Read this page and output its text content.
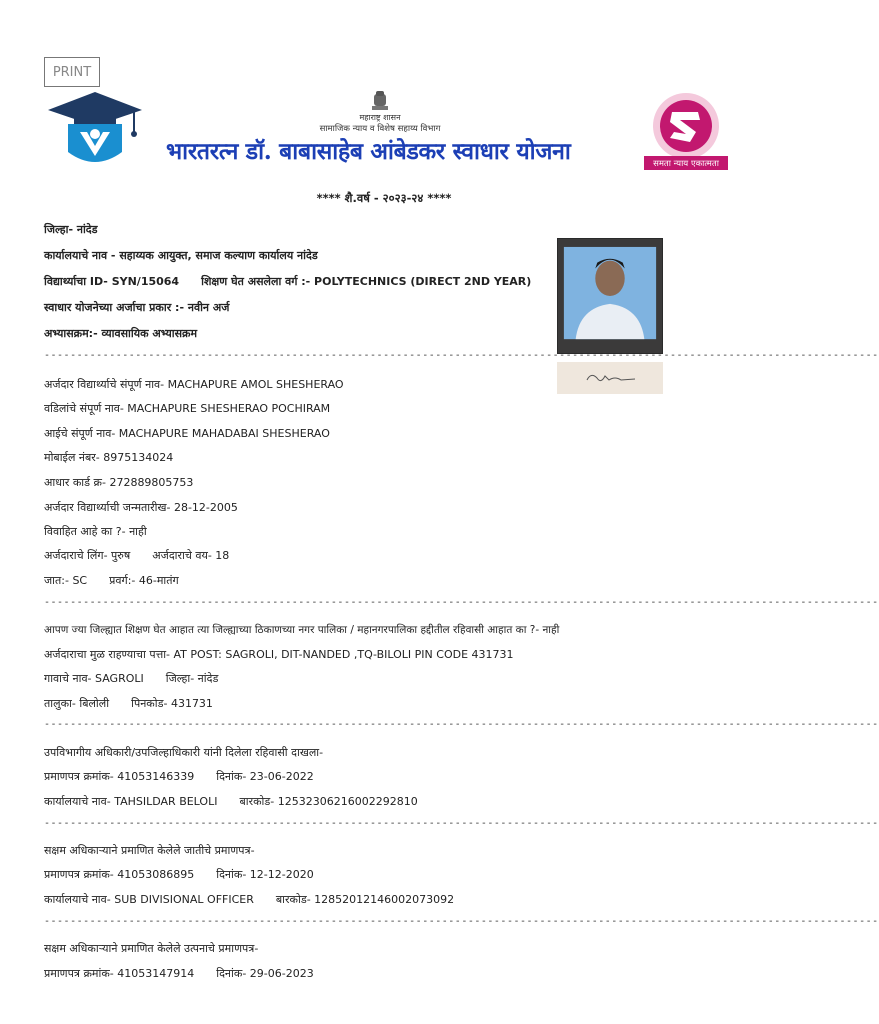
PRINT
महाराष्ट्र शासन
सामाजिक न्याय व विशेष सहाय्य विभाग
भारतरत्न डॉ. बाबासाहेब आंबेडकर स्वाधार योजना	समता न्याय एकात्मता
**** शै.वर्ष - २०२३-२४ ****
जिल्हा- नांदेड
कार्यालयाचे नाव - सहाय्यक आयुक्त, समाज कल्याण कार्यालय नांदेड
विद्यार्थ्याचा ID- SYN/15064 शिक्षण घेत असलेला वर्ग :- POLYTECHNICS (DIRECT 2ND YEAR)
स्वाधार योजनेच्या अर्जाचा प्रकार :- नवीन अर्ज
अभ्यासक्रम:- व्यावसायिक अभ्यासक्रम
--------------------------------------------------------------------------------------------------------------------------------
अर्जदार विद्यार्थ्याचे संपूर्ण नाव- MACHAPURE AMOL SHESHERAO
वडिलांचे संपूर्ण नाव- MACHAPURE SHESHERAO POCHIRAM
आईचे संपूर्ण नाव- MACHAPURE MAHADABAI SHESHERAO
मोबाईल नंबर- 8975134024
आधार कार्ड क्र- 272889805753
अर्जदार विद्यार्थ्याची जन्मतारीख- 28-12-2005
विवाहित आहे का ?- नाही
अर्जदाराचे लिंग- पुरुष अर्जदाराचे वय- 18
जात:- SC प्रवर्ग:- 46-मातंग
--------------------------------------------------------------------------------------------------------------------------------
आपण ज्या जिल्ह्यात शिक्षण घेत आहात त्या जिल्ह्याच्या ठिकाणच्या नगर पालिका / महानगरपालिका हद्दीतील रहिवासी आहात का ?- नाही
अर्जदाराचा मुळ राहण्याचा पत्ता- AT POST: SAGROLI, DIT-NANDED ,TQ-BILOLI PIN CODE 431731
गावाचे नाव- SAGROLI जिल्हा- नांदेड
तालुका- बिलोली पिनकोड- 431731
--------------------------------------------------------------------------------------------------------------------------------
उपविभागीय अधिकारी/उपजिल्हाधिकारी यांनी दिलेला रहिवासी दाखला-
प्रमाणपत्र क्रमांक- 41053146339 दिनांक- 23-06-2022
कार्यालयाचे नाव- TAHSILDAR BELOLI बारकोड- 12532306216002292810
--------------------------------------------------------------------------------------------------------------------------------
सक्षम अधिकाऱ्याने प्रमाणित केलेले जातीचे प्रमाणपत्र-
प्रमाणपत्र क्रमांक- 41053086895 दिनांक- 12-12-2020
कार्यालयाचे नाव- SUB DIVISIONAL OFFICER बारकोड- 12852012146002073092
--------------------------------------------------------------------------------------------------------------------------------
सक्षम अधिकाऱ्याने प्रमाणित केलेले उत्पनाचे प्रमाणपत्र-
प्रमाणपत्र क्रमांक- 41053147914 दिनांक- 29-06-2023
